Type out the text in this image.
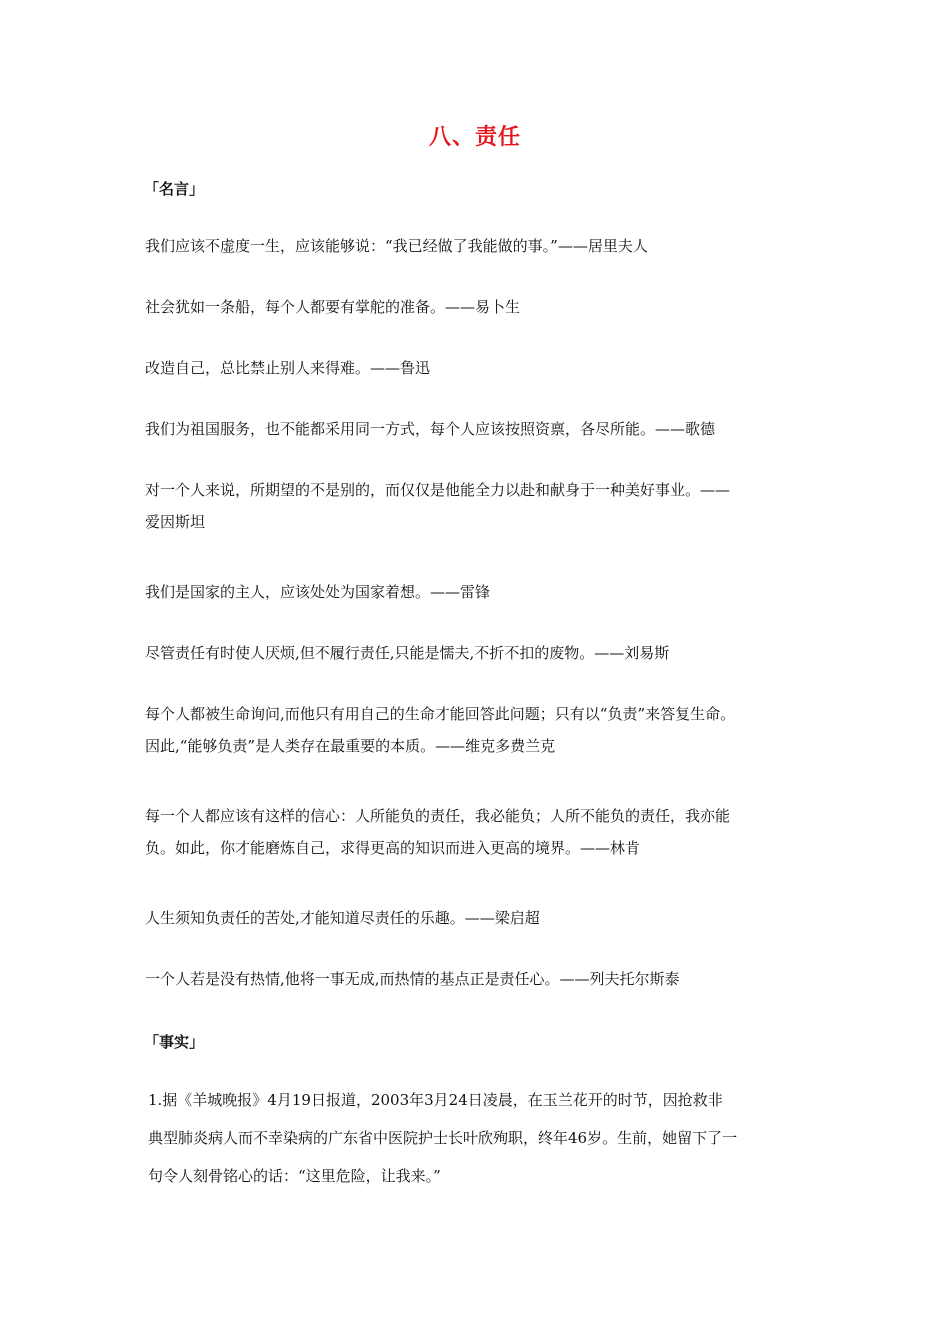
八、责任
「名言」
我们应该不虚度一生，应该能够说：“我已经做了我能做的事。”——居里夫人
社会犹如一条船，每个人都要有掌舵的准备。——易卜生
改造自己，总比禁止别人来得难。——鲁迅
我们为祖国服务，也不能都采用同一方式，每个人应该按照资禀，各尽所能。——歌德
对一个人来说，所期望的不是别的，而仅仅是他能全力以赴和献身于一种美好事业。——
爱因斯坦
我们是国家的主人，应该处处为国家着想。——雷锋
尽管责任有时使人厌烦,但不履行责任,只能是懦夫,不折不扣的废物。——刘易斯
每个人都被生命询问,而他只有用自己的生命才能回答此问题；只有以“负责”来答复生命。
因此,“能够负责”是人类存在最重要的本质。——维克多费兰克
每一个人都应该有这样的信心：人所能负的责任，我必能负；人所不能负的责任，我亦能
负。如此，你才能磨炼自己，求得更高的知识而进入更高的境界。——林肯
人生须知负责任的苦处,才能知道尽责任的乐趣。——梁启超
一个人若是没有热情,他将一事无成,而热情的基点正是责任心。——列夫托尔斯泰
「事实」
1.据《羊城晚报》4月19日报道，2003年3月24日凌晨，在玉兰花开的时节，因抢救非
典型肺炎病人而不幸染病的广东省中医院护士长叶欣殉职，终年46岁。生前，她留下了一
句令人刻骨铭心的话：“这里危险，让我来。”
